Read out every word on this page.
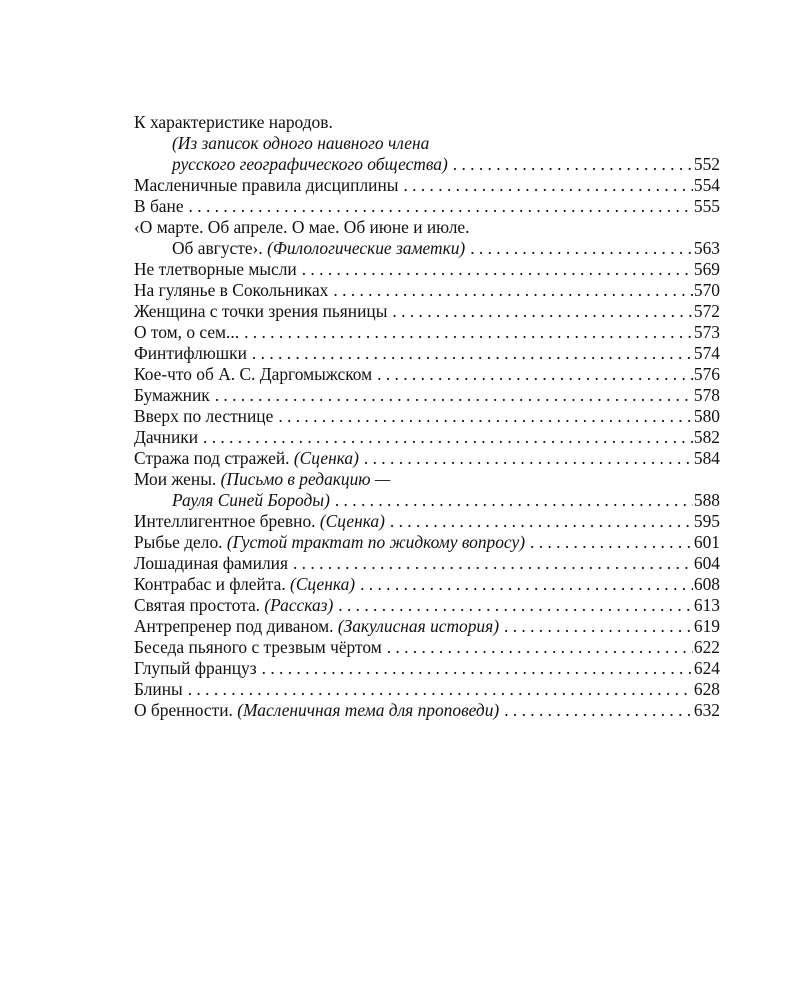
К характеристике народов.
(Из записок одного наивного члена
русского географического общества) . . .	552
Масленичные правила дисциплины . . .	554
В бане . . .	555
‹О марте. Об апреле. О мае. Об июне и июле.
Об августе›. (Филологические заметки) . . .	563
Не тлетворные мысли . . .	569
На гулянье в Сокольниках . . .	570
Женщина с точки зрения пьяницы . . .	572
О том, о сем... . . .	573
Финтифлюшки . . .	574
Кое-что об А. С. Даргомыжском . . .	576
Бумажник . . .	578
Вверх по лестнице . . .	580
Дачники . . .	582
Стража под стражей. (Сценка) . . .	584
Мои жены. (Письмо в редакцию —
Рауля Синей Бороды) . . .	588
Интеллигентное бревно. (Сценка) . . .	595
Рыбье дело. (Густой трактат по жидкому вопросу) . . .	601
Лошадиная фамилия . . .	604
Контрабас и флейта. (Сценка) . . .	608
Святая простота. (Рассказ) . . .	613
Антрепренер под диваном. (Закулисная история) . . .	619
Беседа пьяного с трезвым чёртом . . .	622
Глупый француз . . .	624
Блины . . .	628
О бренности. (Масленичная тема для проповеди) . . .	632
